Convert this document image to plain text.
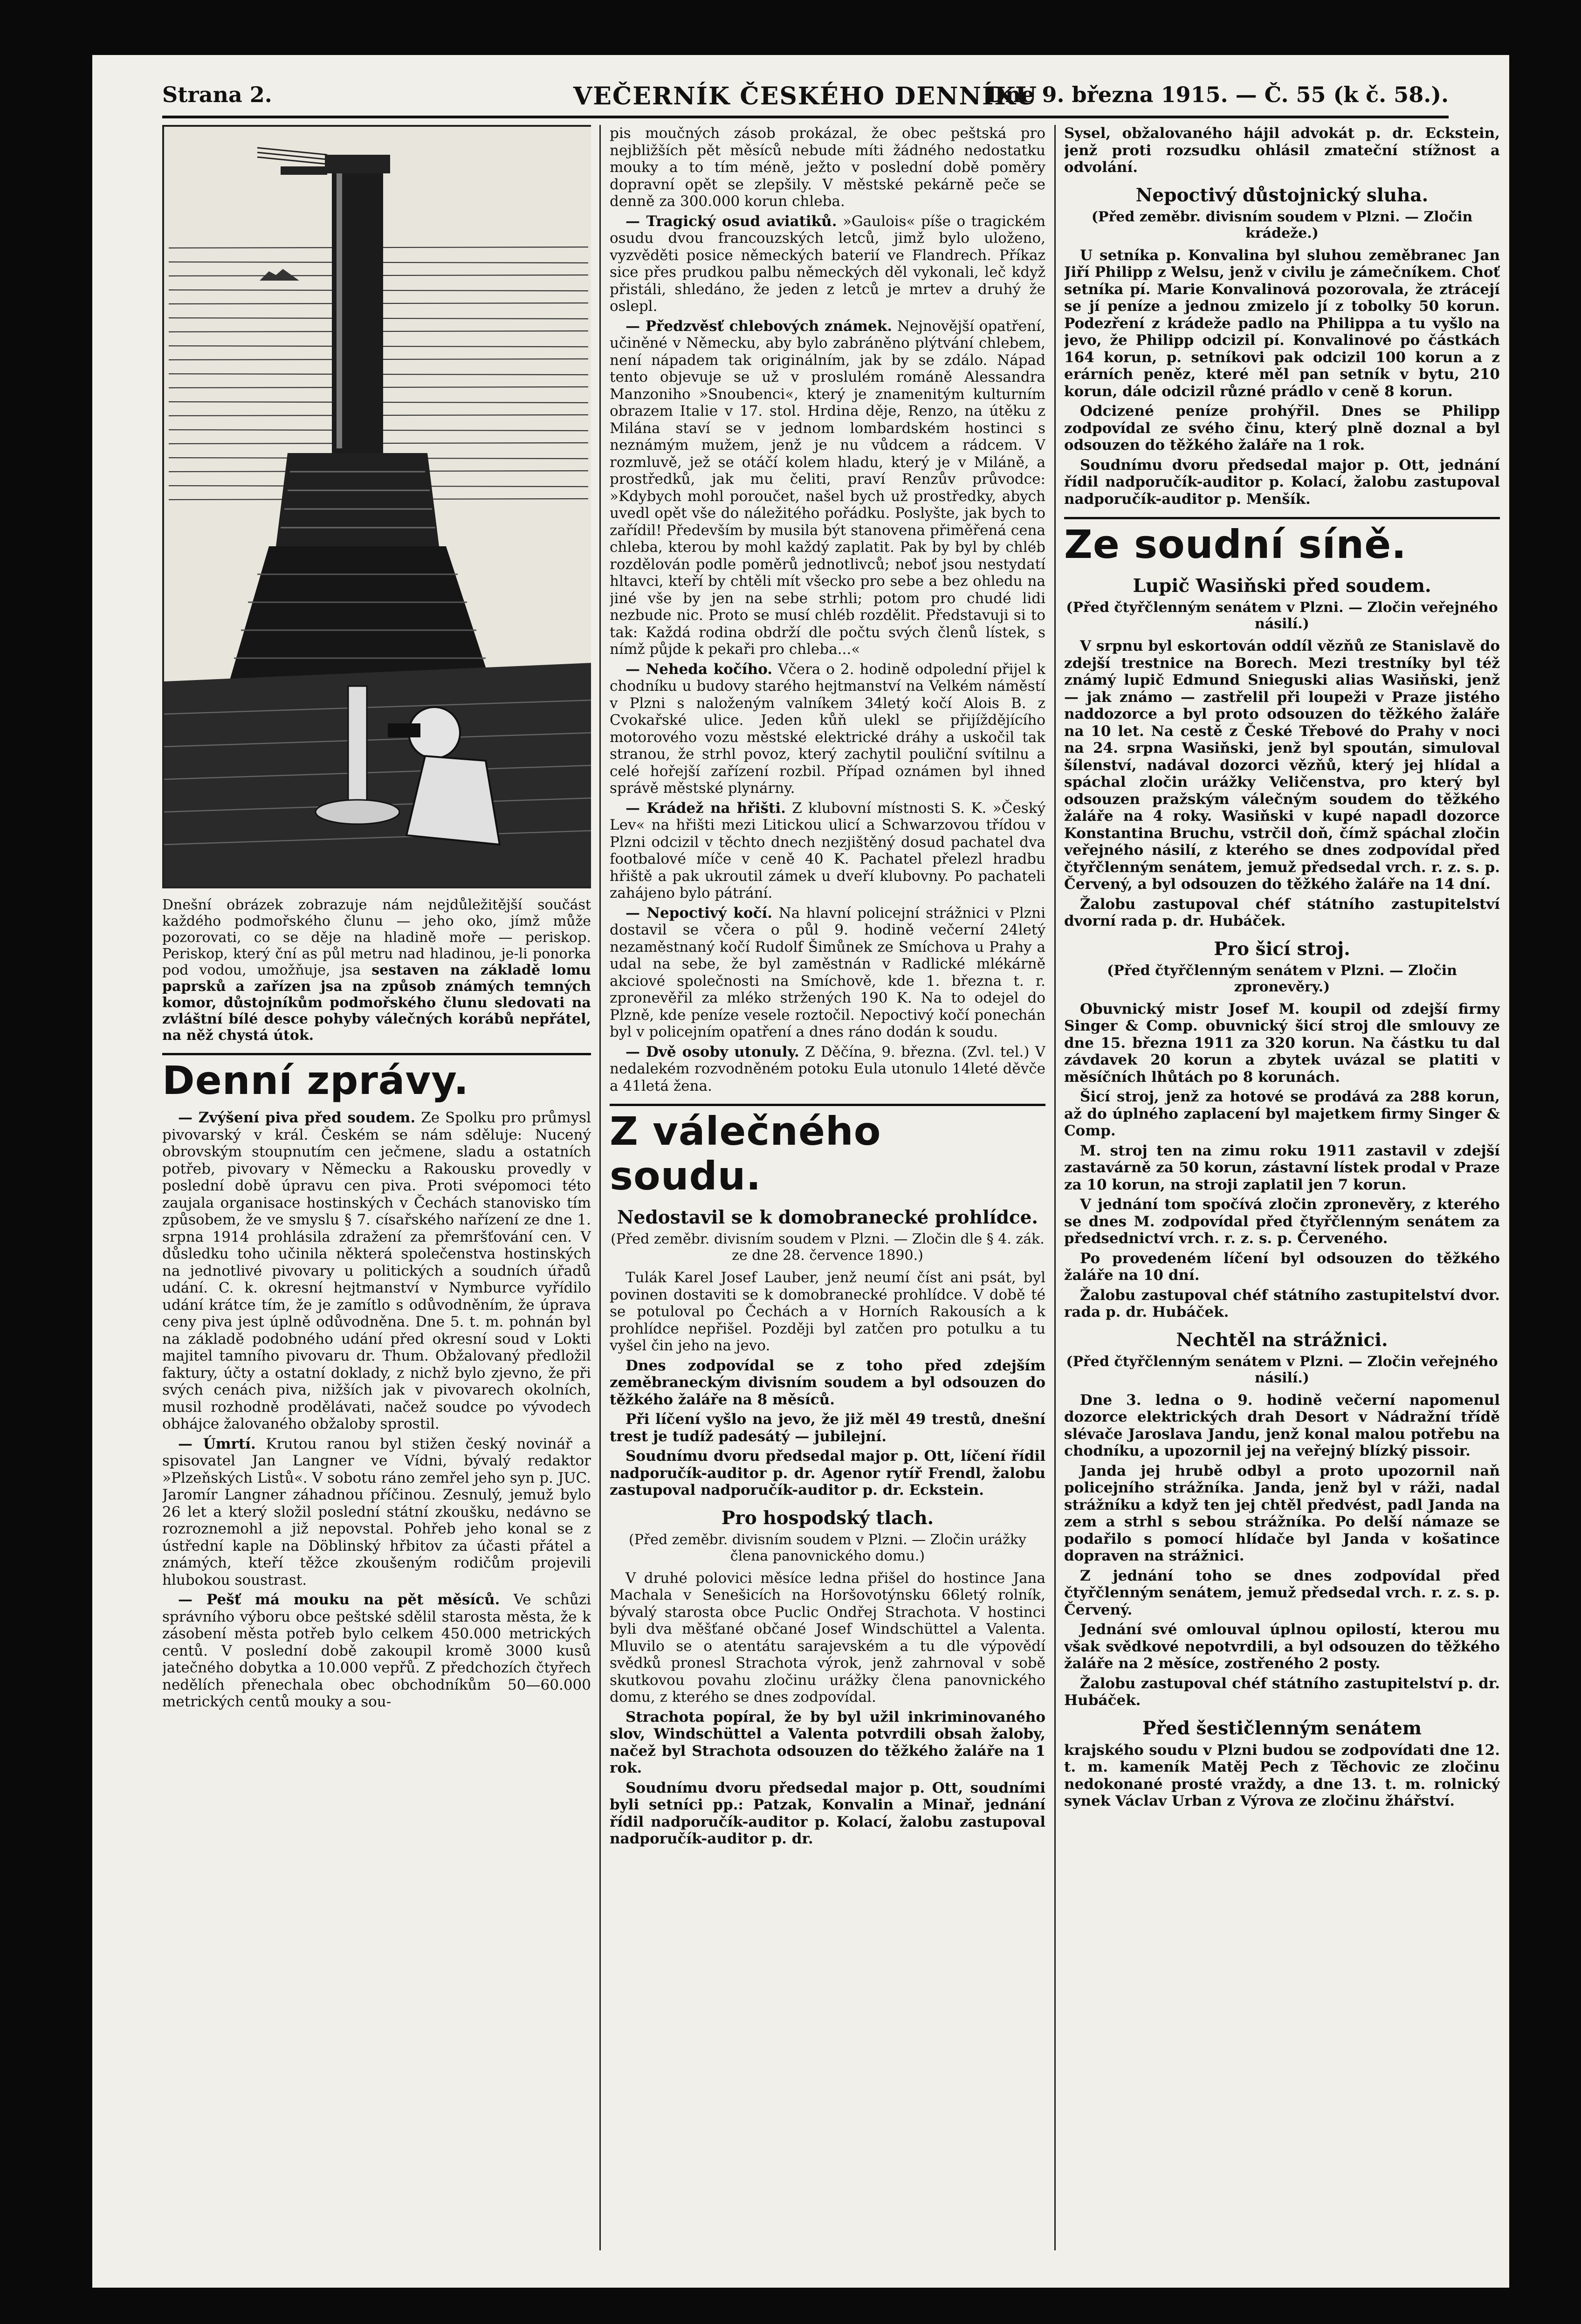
Strana 2.	VEČERNÍK ČESKÉHO DENNÍKU
Dne 9. března 1915. — Č. 55 (k č. 58.).

Dnešní obrázek zobrazuje nám nejdůležitější součást každého podmořského člunu — jeho oko, jímž může pozorovati, co se děje na hladině moře — periskop. Periskop, který ční as půl metru nad hladinou, je-li ponorka pod vodou, umožňuje, jsa sestaven na základě lomu paprsků a zařízen jsa na způsob známých temných komor, důstojníkům podmořského člunu sledovati na zvláštní bílé desce pohyby válečných korábů nepřátel, na něž chystá útok.

Denní zprávy.

— Zvýšení piva před soudem. Ze Spolku pro průmysl pivovarský v král. Českém se nám sděluje: Nucený obrovským stoupnutím cen ječmene, sladu a ostatních potřeb, pivovary v Německu a Rakousku provedly v poslední době úpravu cen piva. Proti svépomoci této zaujala organisace hostinských v Čechách stanovisko tím způsobem, že ve smyslu § 7. císařského nařízení ze dne 1. srpna 1914 prohlásila zdražení za přemršťování cen. V důsledku toho učinila některá společenstva hostinských na jednotlivé pivovary u politických a soudních úřadů udání. C. k. okresní hejtmanství v Nymburce vyřídilo udání krátce tím, že je zamítlo s odůvodněním, že úprava ceny piva jest úplně odůvodněna. Dne 5. t. m. pohnán byl na základě podobného udání před okresní soud v Lokti majitel tamního pivovaru dr. Thum. Obžalovaný předložil faktury, účty a ostatní doklady, z nichž bylo zjevno, že při svých cenách piva, nižších jak v pivovarech okolních, musil rozhodně prodělávati, načež soudce po vývodech obhájce žalovaného obžaloby sprostil.

— Úmrtí. Krutou ranou byl stižen český novinář a spisovatel Jan Langner ve Vídni, bývalý redaktor »Plzeňských Listů«. V sobotu ráno zemřel jeho syn p. JUC. Jaromír Langner záhadnou příčinou. Zesnulý, jemuž bylo 26 let a který složil poslední státní zkoušku, nedávno se rozroznemohl a již nepovstal. Pohřeb jeho konal se z ústřední kaple na Döblinský hřbitov za účasti přátel a známých, kteří těžce zkoušeným rodičům projevili hlubokou soustrast.

— Pešť má mouku na pět měsíců. Ve schůzi správního výboru obce peštské sdělil starosta města, že k zásobení města potřeb bylo celkem 450.000 metrických centů. V poslední době zakoupil kromě 3000 kusů jatečného dobytka a 10.000 vepřů. Z předchozích čtyřech nedělích přenechala obec obchodníkům 50—60.000 metrických centů mouky a sou-

pis moučných zásob prokázal, že obec peštská pro nejbližších pět měsíců nebude míti žádného nedostatku mouky a to tím méně, ježto v poslední době poměry dopravní opět se zlepšily. V městské pekárně peče se denně za 300.000 korun chleba.

— Tragický osud aviatiků. »Gaulois« píše o tragickém osudu dvou francouzských letců, jimž bylo uloženo, vyzvěděti posice německých baterií ve Flandrech. Příkaz sice přes prudkou palbu německých děl vykonali, leč když přistáli, shledáno, že jeden z letců je mrtev a druhý že oslepl.

— Předzvěsť chlebových známek. Nejnovější opatření, učiněné v Německu, aby bylo zabráněno plýtvání chlebem, není nápadem tak originálním, jak by se zdálo. Nápad tento objevuje se už v proslulém románě Alessandra Manzoniho »Snoubenci«, který je znamenitým kulturním obrazem Italie v 17. stol. Hrdina děje, Renzo, na útěku z Milána staví se v jednom lombardském hostinci s neznámým mužem, jenž je nu vůdcem a rádcem. V rozmluvě, jež se otáčí kolem hladu, který je v Miláně, a prostředků, jak mu čeliti, praví Renzův průvodce: »Kdybych mohl poroučet, našel bych už prostředky, abych uvedl opět vše do náležitého pořádku. Poslyšte, jak bych to zařídil! Především by musila být stanovena přiměřená cena chleba, kterou by mohl každý zaplatit. Pak by byl by chléb rozdělován podle poměrů jednotlivců; neboť jsou nestydatí hltavci, kteří by chtěli mít všecko pro sebe a bez ohledu na jiné vše by jen na sebe strhli; potom pro chudé lidi nezbude nic. Proto se musí chléb rozdělit. Představuji si to tak: Každá rodina obdrží dle počtu svých členů lístek, s nímž půjde k pekaři pro chleba...«

— Neheda kočího. Včera o 2. hodině odpolední přijel k chodníku u budovy starého hejtmanství na Velkém náměstí v Plzni s naloženým valníkem 34letý kočí Alois B. z Cvokařské ulice. Jeden kůň ulekl se přijíždějícího motorového vozu městské elektrické dráhy a uskočil tak stranou, že strhl povoz, který zachytil pouliční svítilnu a celé hořejší zařízení rozbil. Případ oznámen byl ihned správě městské plynárny.

— Krádež na hřišti. Z klubovní místnosti S. K. »Český Lev« na hřišti mezi Litickou ulicí a Schwarzovou třídou v Plzni odcizil v těchto dnech nezjištěný dosud pachatel dva footbalové míče v ceně 40 K. Pachatel přelezl hradbu hřiště a pak ukroutil zámek u dveří klubovny. Po pachateli zahájeno bylo pátrání.

— Nepoctivý kočí. Na hlavní policejní strážnici v Plzni dostavil se včera o půl 9. hodině večerní 24letý nezaměstnaný kočí Rudolf Šimůnek ze Smíchova u Prahy a udal na sebe, že byl zaměstnán v Radlické mlékárně akciové společnosti na Smíchově, kde 1. března t. r. zpronevěřil za mléko stržených 190 K. Na to odejel do Plzně, kde peníze vesele roztočil. Nepoctivý kočí ponechán byl v policejním opatření a dnes ráno dodán k soudu.

— Dvě osoby utonuly. Z Děčína, 9. března. (Zvl. tel.) V nedalekém rozvodněném potoku Eula utonulo 14leté děvče a 41letá žena.

Z válečného soudu.
Nedostavil se k domobranecké prohlídce.
(Před zeměbr. divisním soudem v Plzni. — Zločin dle § 4. zák. ze dne 28. července 1890.)

Tulák Karel Josef Lauber, jenž neumí číst ani psát, byl povinen dostaviti se k domobranecké prohlídce. V době té se potuloval po Čechách a v Horních Rakousích a k prohlídce nepřišel. Později byl zatčen pro potulku a tu vyšel čin jeho na jevo.

Dnes zodpovídal se z toho před zdejším zeměbraneckým divisním soudem a byl odsouzen do těžkého žaláře na 8 měsíců.

Při líčení vyšlo na jevo, že již měl 49 trestů, dnešní trest je tudíž padesátý — jubilejní.

Soudnímu dvoru předsedal major p. Ott, líčení řídil nadporučík-auditor p. dr. Agenor rytíř Frendl, žalobu zastupoval nadporučík-auditor p. dr. Eckstein.

Pro hospodský tlach.
(Před zeměbr. divisním soudem v Plzni. — Zločin urážky člena panovnického domu.)

V druhé polovici měsíce ledna přišel do hostince Jana Machala v Senešicích na Horšovotýnsku 66letý rolník, bývalý starosta obce Puclic Ondřej Strachota. V hostinci byli dva měšťané občané Josef Windschüttel a Valenta. Mluvilo se o atentátu sarajevském a tu dle výpovědí svědků pronesl Strachota výrok, jenž zahrnoval v sobě skutkovou povahu zločinu urážky člena panovnického domu, z kterého se dnes zodpovídal.

Strachota popíral, že by byl užil inkriminovaného slov, Windschüttel a Valenta potvrdili obsah žaloby, načež byl Strachota odsouzen do těžkého žaláře na 1 rok.

Soudnímu dvoru předsedal major p. Ott, soudními byli setníci pp.: Patzak, Konvalin a Minař, jednání řídil nadporučík-auditor p. Kolací, žalobu zastupoval nadporučík-auditor p. dr.

Sysel, obžalovaného hájil advokát p. dr. Eckstein, jenž proti rozsudku ohlásil zmateční stížnost a odvolání.

Nepoctivý důstojnický sluha.
(Před zeměbr. divisním soudem v Plzni. — Zločin krádeže.)

U setníka p. Konvalina byl sluhou zeměbranec Jan Jiří Philipp z Welsu, jenž v civilu je zámečníkem. Choť setníka pí. Marie Konvalinová pozorovala, že ztrácejí se jí peníze a jednou zmizelo jí z tobolky 50 korun. Podezření z krádeže padlo na Philippa a tu vyšlo na jevo, že Philipp odcizil pí. Konvalinové po částkách 164 korun, p. setníkovi pak odcizil 100 korun a z erárních peněz, které měl pan setník v bytu, 210 korun, dále odcizil různé prádlo v ceně 8 korun.

Odcizené peníze prohýřil. Dnes se Philipp zodpovídal ze svého činu, který plně doznal a byl odsouzen do těžkého žaláře na 1 rok.

Soudnímu dvoru předsedal major p. Ott, jednání řídil nadporučík-auditor p. Kolací, žalobu zastupoval nadporučík-auditor p. Menšík.

Ze soudní síně.
Lupič Wasiňski před soudem.
(Před čtyřčlenným senátem v Plzni. — Zločin veřejného násilí.)

V srpnu byl eskortován oddíl vězňů ze Stanislavě do zdejší trestnice na Borech. Mezi trestníky byl též známý lupič Edmund Snieguski alias Wasiňski, jenž — jak známo — zastřelil při loupeži v Praze jistého naddozorce a byl proto odsouzen do těžkého žaláře na 10 let. Na cestě z České Třebové do Prahy v noci na 24. srpna Wasiňski, jenž byl spoután, simuloval šílenství, nadával dozorci vězňů, který jej hlídal a spáchal zločin urážky Veličenstva, pro který byl odsouzen pražským válečným soudem do těžkého žaláře na 4 roky. Wasiňski v kupé napadl dozorce Konstantina Bruchu, vstrčil doň, čímž spáchal zločin veřejného násilí, z kterého se dnes zodpovídal před čtyřčlenným senátem, jemuž předsedal vrch. r. z. s. p. Červený, a byl odsouzen do těžkého žaláře na 14 dní.

Žalobu zastupoval chéf státního zastupitelství dvorní rada p. dr. Hubáček.

Pro šicí stroj.
(Před čtyřčlenným senátem v Plzni. — Zločin zpronevěry.)

Obuvnický mistr Josef M. koupil od zdejší firmy Singer & Comp. obuvnický šicí stroj dle smlouvy ze dne 15. března 1911 za 320 korun. Na částku tu dal závdavek 20 korun a zbytek uvázal se platiti v měsíčních lhůtách po 8 korunách.

Šicí stroj, jenž za hotové se prodává za 288 korun, až do úplného zaplacení byl majetkem firmy Singer & Comp.

M. stroj ten na zimu roku 1911 zastavil v zdejší zastavárně za 50 korun, zástavní lístek prodal v Praze za 10 korun, na stroji zaplatil jen 7 korun.

V jednání tom spočívá zločin zpronevěry, z kterého se dnes M. zodpovídal před čtyřčlenným senátem za předsednictví vrch. r. z. s. p. Červeného.

Po provedeném líčení byl odsouzen do těžkého žaláře na 10 dní.

Žalobu zastupoval chéf státního zastupitelství dvor. rada p. dr. Hubáček.

Nechtěl na strážnici.
(Před čtyřčlenným senátem v Plzni. — Zločin veřejného násilí.)

Dne 3. ledna o 9. hodině večerní napomenul dozorce elektrických drah Desort v Nádražní třídě slévače Jaroslava Jandu, jenž konal malou potřebu na chodníku, a upozornil jej na veřejný blízký pissoir.

Janda jej hrubě odbyl a proto upozornil naň policejního strážníka. Janda, jenž byl v ráži, nadal strážníku a když ten jej chtěl předvést, padl Janda na zem a strhl s sebou strážníka. Po delší námaze se podařilo s pomocí hlídače byl Janda v košatince dopraven na strážnici.

Z jednání toho se dnes zodpovídal před čtyřčlenným senátem, jemuž předsedal vrch. r. z. s. p. Červený.

Jednání své omlouval úplnou opilostí, kterou mu však svědkové nepotvrdili, a byl odsouzen do těžkého žaláře na 2 měsíce, zostřeného 2 posty.

Žalobu zastupoval chéf státního zastupitelství p. dr. Hubáček.

Před šestičlenným senátem

krajského soudu v Plzni budou se zodpovídati dne 12. t. m. kameník Matěj Pech z Těchovic ze zločinu nedokonané prosté vraždy, a dne 13. t. m. rolnický synek Václav Urban z Výrova ze zločinu žhářství.
